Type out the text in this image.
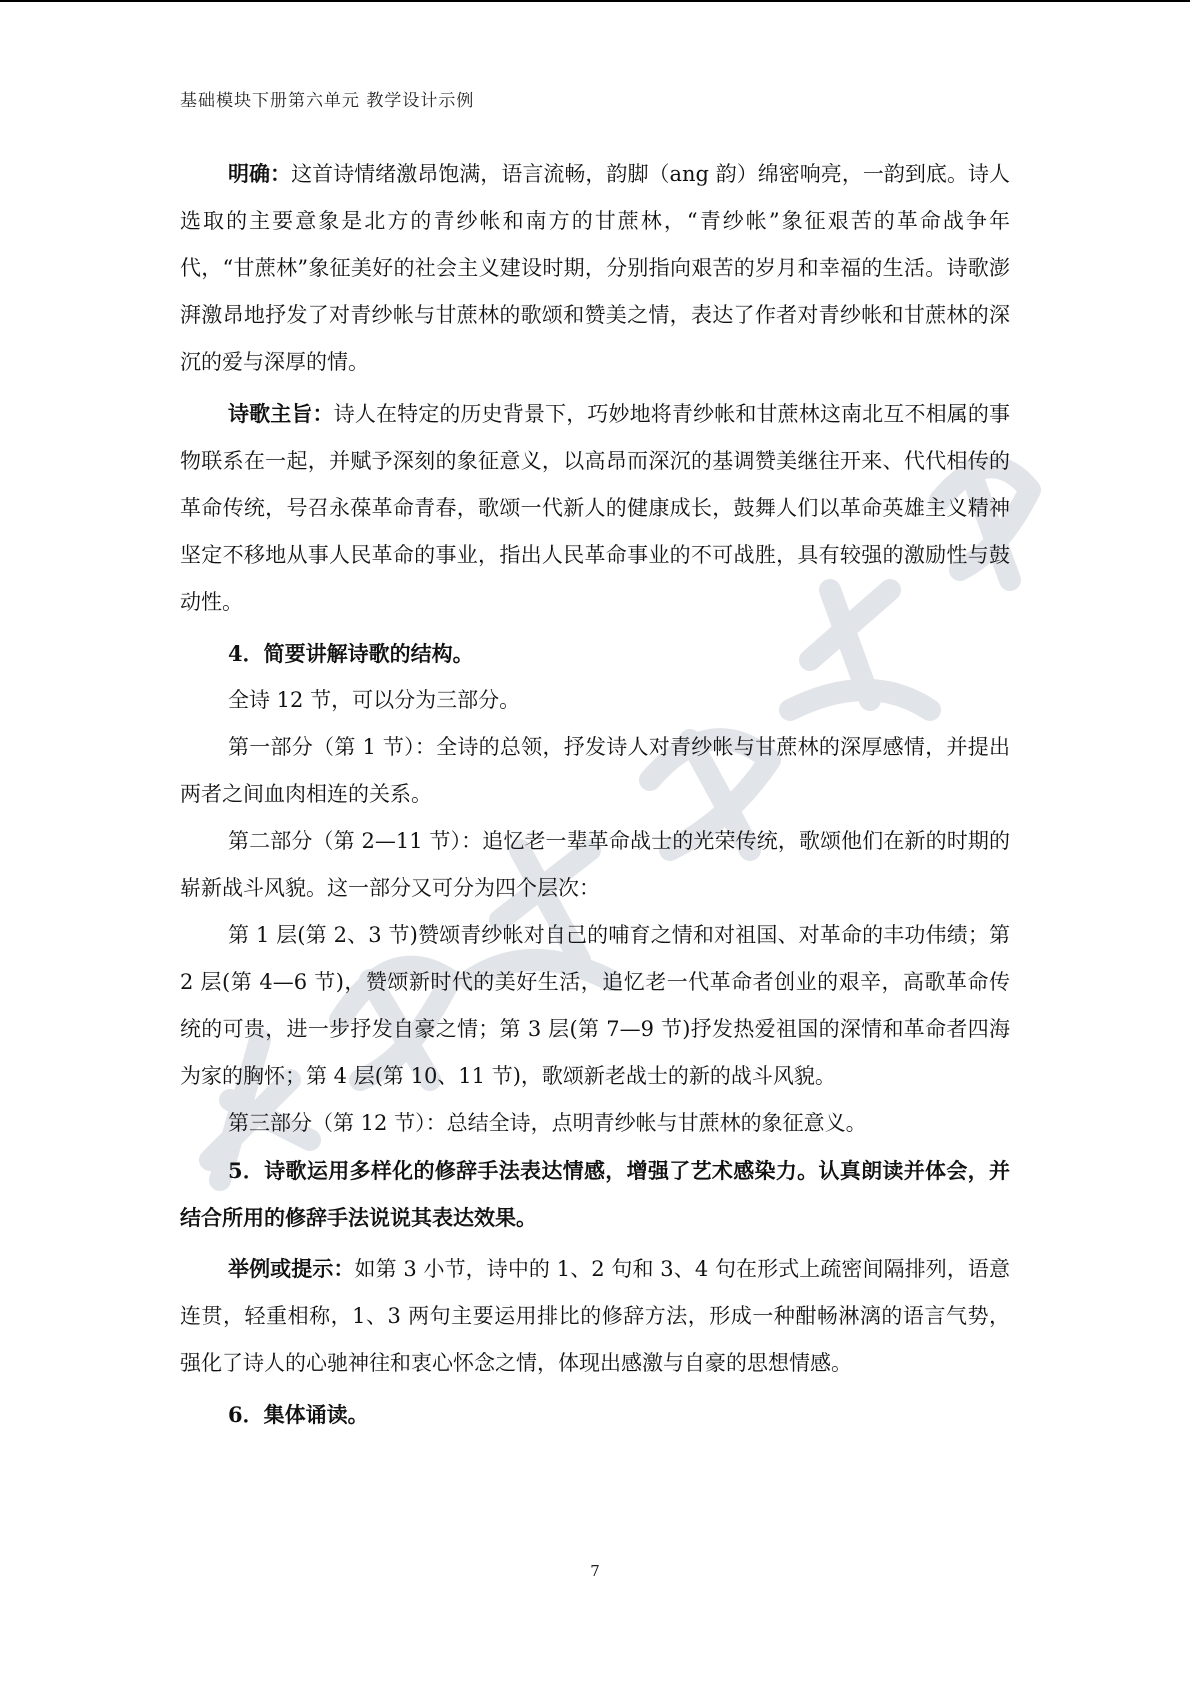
基础模块下册第六单元 教学设计示例

明确：这首诗情绪激昂饱满，语言流畅，韵脚（ang 韵）绵密响亮，一韵到底。诗人选取的主要意象是北方的青纱帐和南方的甘蔗林，“青纱帐”象征艰苦的革命战争年代，“甘蔗林”象征美好的社会主义建设时期，分别指向艰苦的岁月和幸福的生活。诗歌澎湃激昂地抒发了对青纱帐与甘蔗林的歌颂和赞美之情，表达了作者对青纱帐和甘蔗林的深沉的爱与深厚的情。

诗歌主旨：诗人在特定的历史背景下，巧妙地将青纱帐和甘蔗林这南北互不相属的事物联系在一起，并赋予深刻的象征意义，以高昂而深沉的基调赞美继往开来、代代相传的革命传统，号召永葆革命青春，歌颂一代新人的健康成长，鼓舞人们以革命英雄主义精神坚定不移地从事人民革命的事业，指出人民革命事业的不可战胜，具有较强的激励性与鼓动性。

4．简要讲解诗歌的结构。

全诗 12 节，可以分为三部分。

第一部分（第 1 节）：全诗的总领，抒发诗人对青纱帐与甘蔗林的深厚感情，并提出两者之间血肉相连的关系。

第二部分（第 2—11 节）：追忆老一辈革命战士的光荣传统，歌颂他们在新的时期的崭新战斗风貌。这一部分又可分为四个层次：

第 1 层(第 2、3 节)赞颂青纱帐对自己的哺育之情和对祖国、对革命的丰功伟绩；第 2 层(第 4—6 节)，赞颂新时代的美好生活，追忆老一代革命者创业的艰辛，高歌革命传统的可贵，进一步抒发自豪之情；第 3 层(第 7—9 节)抒发热爱祖国的深情和革命者四海为家的胸怀；第 4 层(第 10、11 节)，歌颂新老战士的新的战斗风貌。

第三部分（第 12 节）：总结全诗，点明青纱帐与甘蔗林的象征意义。

5．诗歌运用多样化的修辞手法表达情感，增强了艺术感染力。认真朗读并体会，并结合所用的修辞手法说说其表达效果。

举例或提示：如第 3 小节，诗中的 1、2 句和 3、4 句在形式上疏密间隔排列，语意连贯，轻重相称，1、3 两句主要运用排比的修辞方法，形成一种酣畅淋漓的语言气势，强化了诗人的心驰神往和衷心怀念之情，体现出感激与自豪的思想情感。

6．集体诵读。

7
